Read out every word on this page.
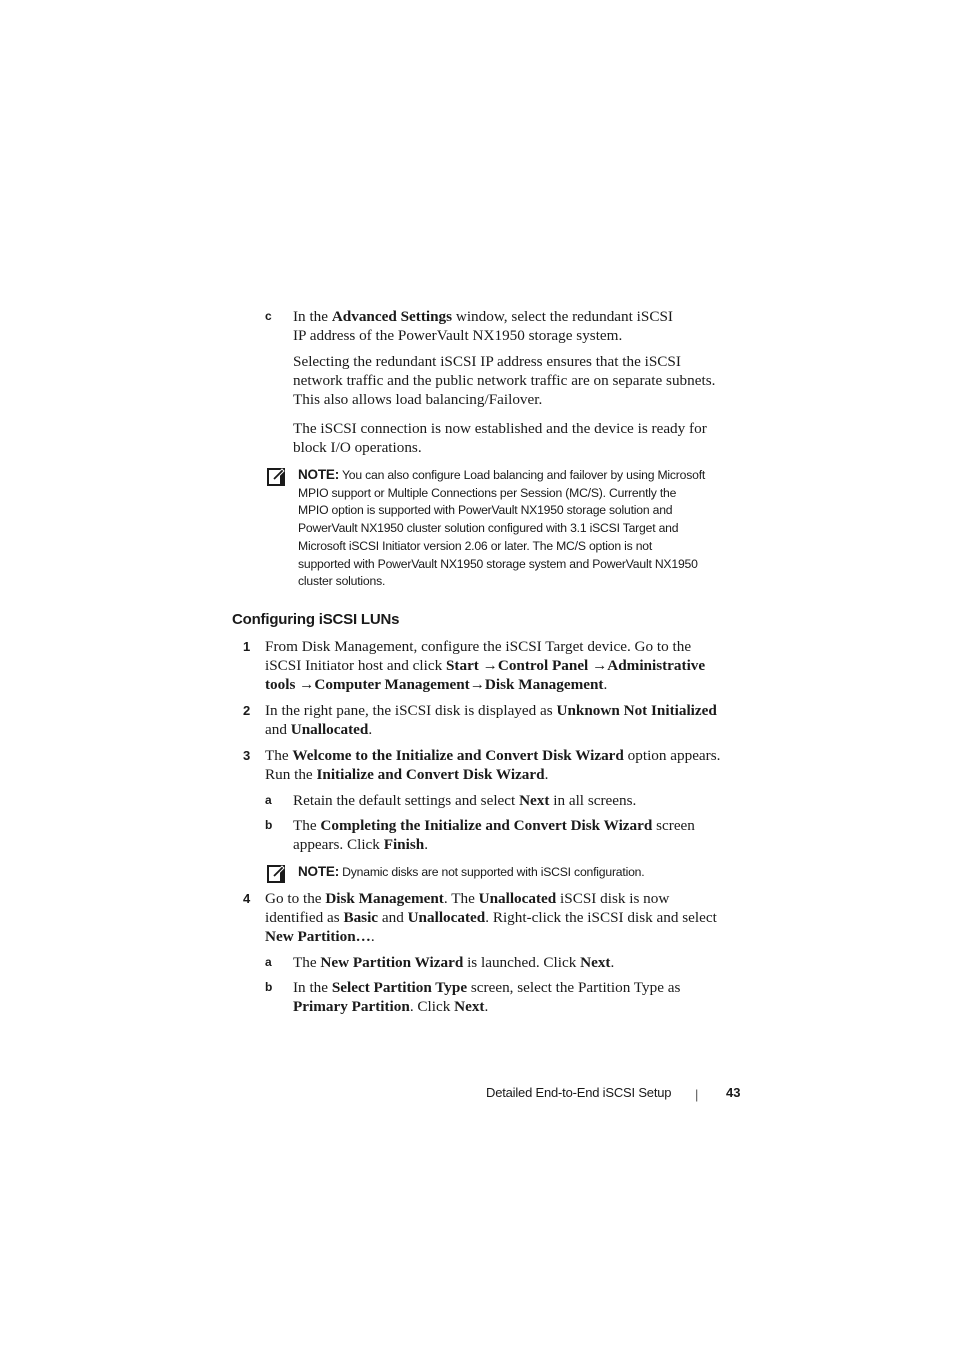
c In the Advanced Settings window, select the redundant iSCSI
IP address of the PowerVault NX1950 storage system.
Selecting the redundant iSCSI IP address ensures that the iSCSI
network traffic and the public network traffic are on separate subnets.
This also allows load balancing/Failover.
The iSCSI connection is now established and the device is ready for
block I/O operations.
NOTE: You can also configure Load balancing and failover by using Microsoft
MPIO support or Multiple Connections per Session (MC/S). Currently the
MPIO option is supported with PowerVault NX1950 storage solution and
PowerVault NX1950 cluster solution configured with 3.1 iSCSI Target and
Microsoft iSCSI Initiator version 2.06 or later. The MC/S option is not
supported with PowerVault NX1950 storage system and PowerVault NX1950
cluster solutions.
Configuring iSCSI LUNs
1 From Disk Management, configure the iSCSI Target device. Go to the
iSCSI Initiator host and click Start →Control Panel →Administrative
tools →Computer Management→Disk Management.
2 In the right pane, the iSCSI disk is displayed as Unknown Not Initialized
and Unallocated.
3 The Welcome to the Initialize and Convert Disk Wizard option appears.
Run the Initialize and Convert Disk Wizard.
a Retain the default settings and select Next in all screens.
b The Completing the Initialize and Convert Disk Wizard screen
appears. Click Finish.
NOTE: Dynamic disks are not supported with iSCSI configuration.
4 Go to the Disk Management. The Unallocated iSCSI disk is now
identified as Basic and Unallocated. Right-click the iSCSI disk and select
New Partition….
a The New Partition Wizard is launched. Click Next.
b In the Select Partition Type screen, select the Partition Type as
Primary Partition. Click Next.
Detailed End-to-End iSCSI Setup | 43
